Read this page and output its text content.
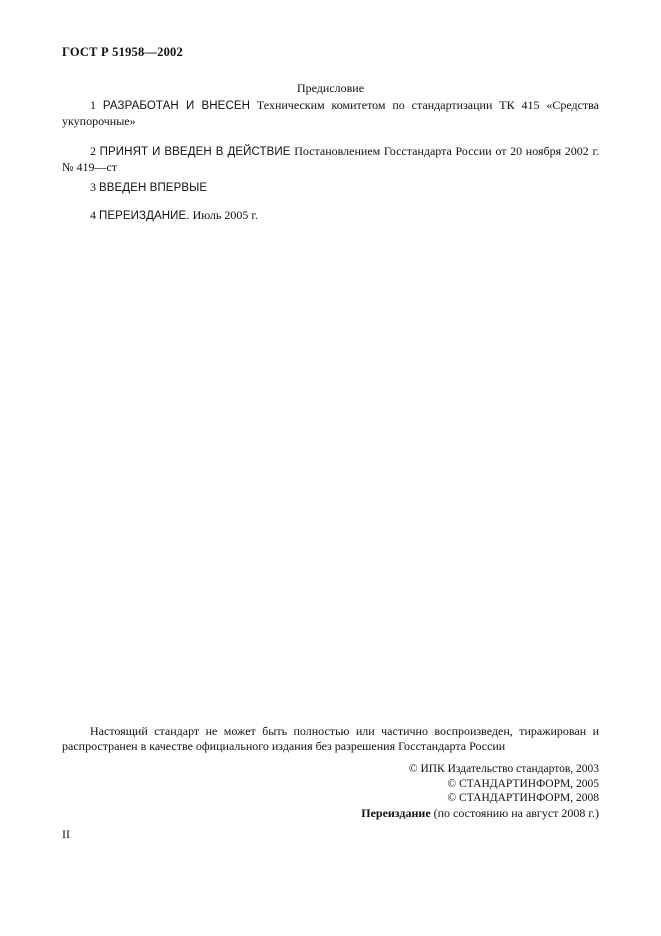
ГОСТ Р 51958—2002
Предисловие

1 РАЗРАБОТАН И ВНЕСЕН Техническим комитетом по стандартизации ТК 415 «Средства укупорочные»

2 ПРИНЯТ И ВВЕДЕН В ДЕЙСТВИЕ Постановлением Госстандарта России от 20 ноября 2002 г. № 419—ст

3 ВВЕДЕН ВПЕРВЫЕ

4 ПЕРЕИЗДАНИЕ. Июль 2005 г.

Настоящий стандарт не может быть полностью или частично воспроизведен, тиражирован и распространен в качестве официального издания без разрешения Госстандарта России

© ИПК Издательство стандартов, 2003
© СТАНДАРТИНФОРМ, 2005
© СТАНДАРТИНФОРМ, 2008
Переиздание (по состоянию на август 2008 г.)
II
